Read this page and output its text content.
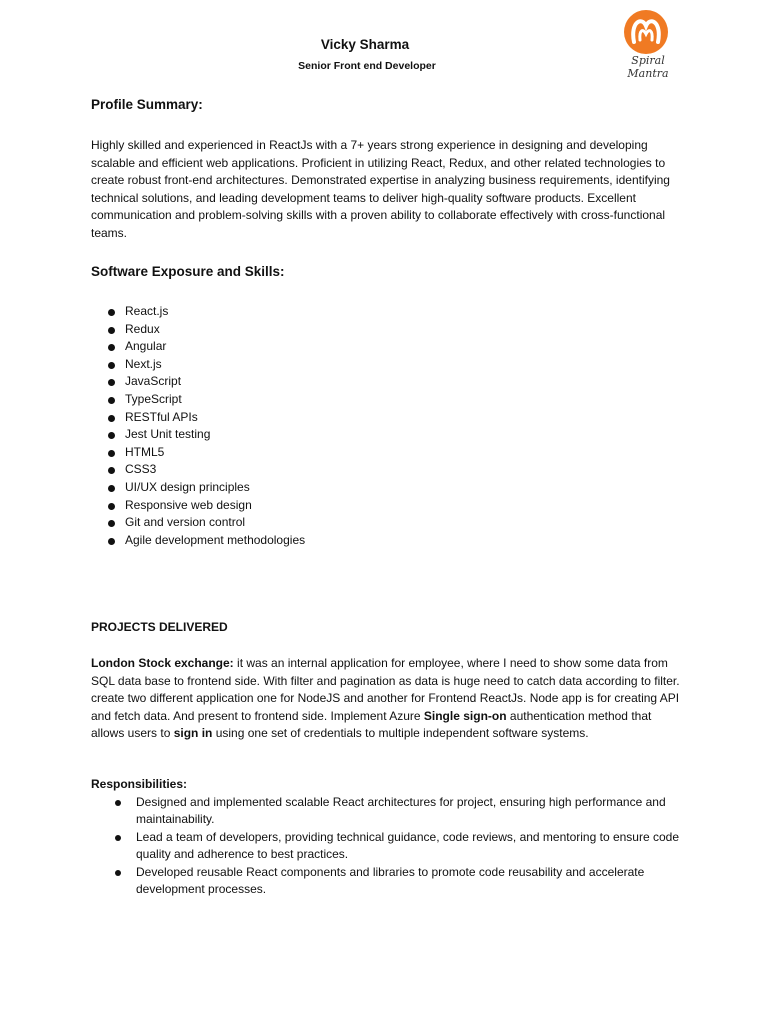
Vicky Sharma
Senior Front end Developer	Spiral Mantra
Profile Summary:
Highly skilled and experienced in ReactJs with a 7+ years strong experience in designing and developing scalable and efficient web applications. Proficient in utilizing React, Redux, and other related technologies to create robust front-end architectures. Demonstrated expertise in analyzing business requirements, identifying technical solutions, and leading development teams to deliver high-quality software products. Excellent communication and problem-solving skills with a proven ability to collaborate effectively with cross-functional teams.
Software Exposure and Skills:
React.js
Redux
Angular
Next.js
JavaScript
TypeScript
RESTful APIs
Jest Unit testing
HTML5
CSS3
UI/UX design principles
Responsive web design
Git and version control
Agile development methodologies
PROJECTS DELIVERED
London Stock exchange: it was an internal application for employee, where I need to show some data from SQL data base to frontend side. With filter and pagination as data is huge need to catch data according to filter. create two different application one for NodeJS and another for Frontend ReactJs. Node app is for creating API and fetch data. And present to frontend side. Implement Azure Single sign-on authentication method that allows users to sign in using one set of credentials to multiple independent software systems.
Responsibilities:
Designed and implemented scalable React architectures for project, ensuring high performance and maintainability.
Lead a team of developers, providing technical guidance, code reviews, and mentoring to ensure code quality and adherence to best practices.
Developed reusable React components and libraries to promote code reusability and accelerate development processes.
